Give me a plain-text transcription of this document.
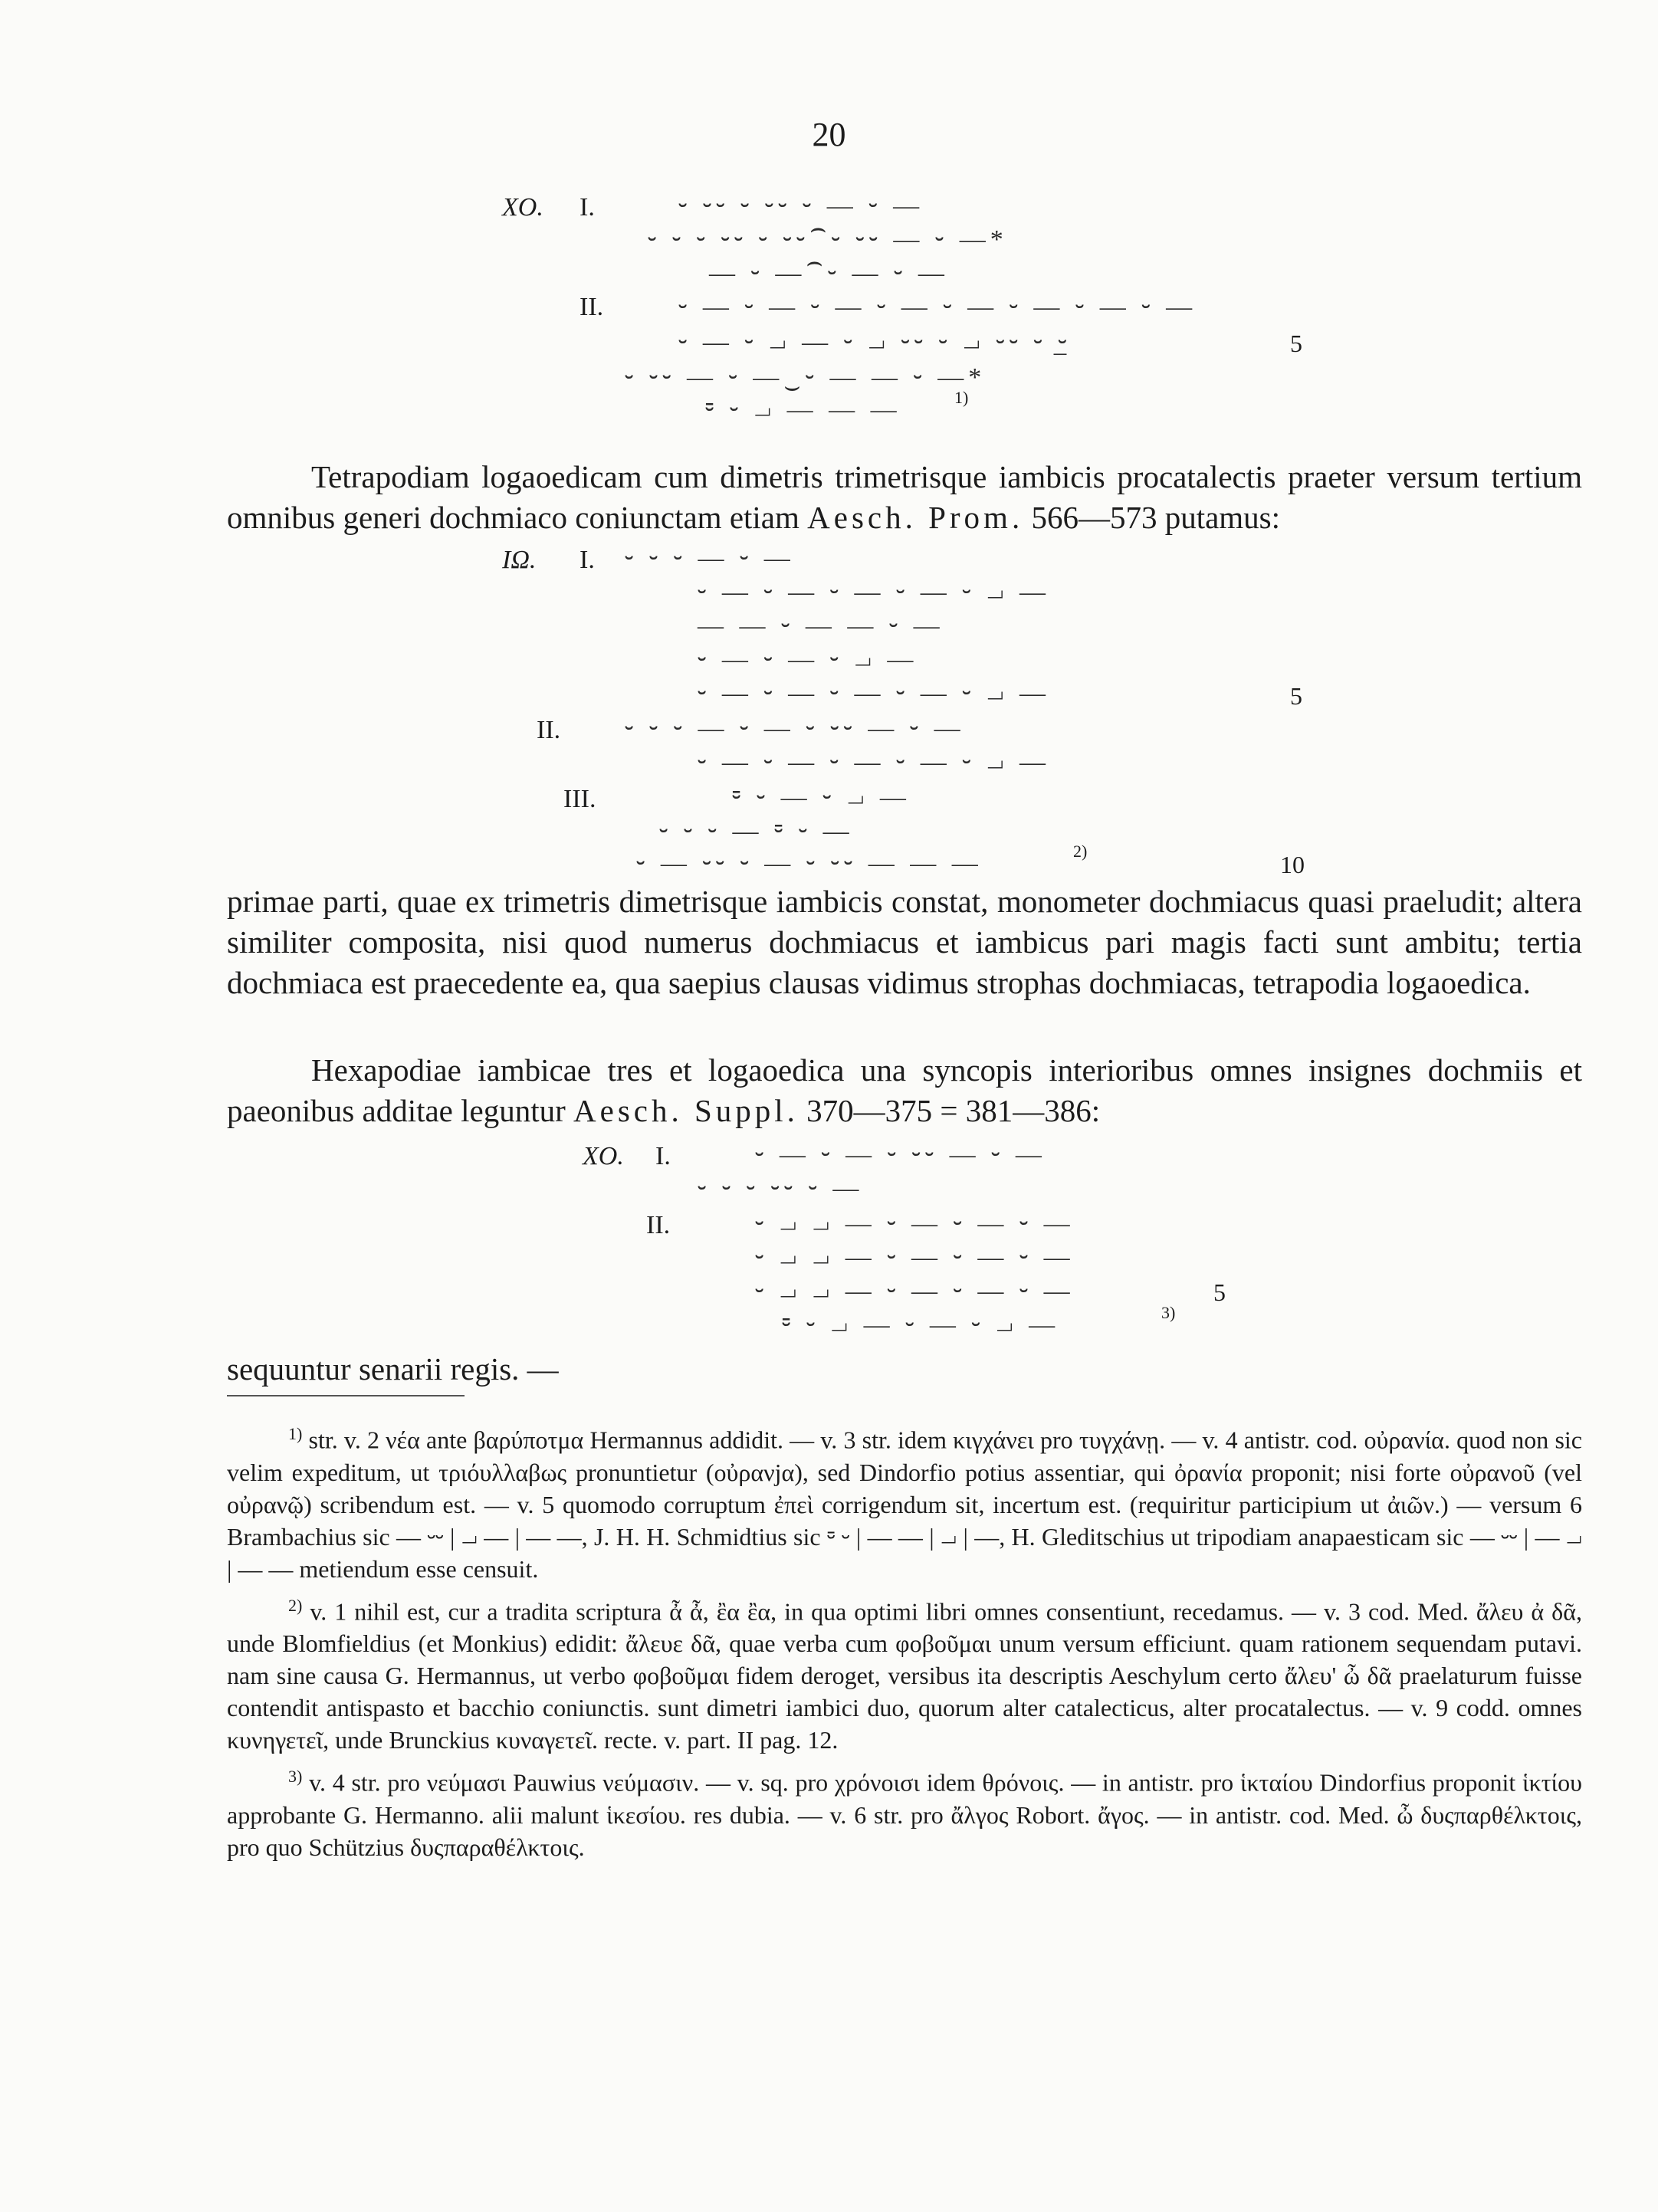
20
ΧΟ. I.	⏑ ⏑⏑ ⏑ ⏑⏑ ⏑ — ⏑ —
⏑ ⏑ ⏑ ⏑⏑ ⏑ ⏑⏑⁀⏑ ⏑⏑ — ⏑ —*
— ⏑ —⁀⏑ — ⏑ —
II.	⏑ — ⏑ — ⏑ — ⏑ — ⏑ — ⏑ — ⏑ — ⏑ —
⏑ — ⏑ ⏗ — ⏑ ⏗ ⏑⏑ ⏑ ⏗ ⏑⏑ ⏑ ⏑̲	5
⏑ ⏑⏑ — ⏑ —‿⏑ — — ⏑ —*
⏒ ⏑ ⏗ — — —	1)
Tetrapodiam logaoedicam cum dimetris trimetrisque iambicis procatalectis praeter versum tertium omnibus generi dochmiaco coniunctam etiam Aesch. Prom. 566—573 putamus:
ΙΩ. I. ⏑ ⏑ ⏑ — ⏑ —
⏑ — ⏑ — ⏑ — ⏑ — ⏑ ⏗ —
— — ⏑ — — ⏑ —
⏑ — ⏑ — ⏑ ⏗ —
⏑ — ⏑ — ⏑ — ⏑ — ⏑ ⏗ —	5
II. ⏑ ⏑ ⏑ — ⏑ — ⏑ ⏑⏑ — ⏑ —
⏑ — ⏑ — ⏑ — ⏑ — ⏑ ⏗ —
III.	⏒ ⏑ — ⏑ ⏗ —
⏑ ⏑ ⏑ — ⏒ ⏑ —
⏑ — ⏑⏑ ⏑ — ⏑ ⏑⏑ — — —	2)	10
primae parti, quae ex trimetris dimetrisque iambicis constat, monometer dochmiacus quasi praeludit; altera similiter composita, nisi quod numerus dochmiacus et iambicus pari magis facti sunt ambitu; tertia dochmiaca est praecedente ea, qua saepius clausas vidimus strophas dochmiacas, tetrapodia logaoedica.
Hexapodiae iambicae tres et logaoedica una syncopis interioribus omnes insignes dochmiis et paeonibus additae leguntur Aesch. Suppl. 370—375 = 381—386:
ΧΟ. I.	⏑ — ⏑ — ⏑ ⏑⏑ — ⏑ —
⏑ ⏑ ⏑ ⏑⏑ ⏑ —
II.	⏑ ⏗ ⏗ — ⏑ — ⏑ — ⏑ —
⏑ ⏗ ⏗ — ⏑ — ⏑ — ⏑ —
⏑ ⏗ ⏗ — ⏑ — ⏑ — ⏑ —	5
⏒ ⏑ ⏗ — ⏑ — ⏑ ⏗ —	3)
sequuntur senarii regis. —

$^{1)}$ str. v. 2 νέα ante βαρύποτμα Hermannus addidit. — v. 3 str. idem κιγχάνει pro τυγχάνῃ. — v. 4 antistr. cod. οὐρανία. quod non sic velim expeditum, ut τριόυλλαβως pronuntietur (οὐρανjα), sed Dindorfio potius assentiar, qui ὀρανία proponit; nisi forte οὐρανοῦ (vel οὐρανῷ) scribendum est. — v. 5 quomodo corruptum ἐπεὶ corrigendum sit, incertum est. (requiritur participium ut ἀιῶν.) — versum 6 Brambachius sic — ⏑⏑ | ⏗ — | — —, J. H. H. Schmidtius sic ⏒ ⏑ | — — | ⏗ | —, H. Gleditschius ut tripodiam anapaesticam sic — ⏑⏑ | — ⏗ | — — metiendum esse censuit.

$^{2)}$ v. 1 nihil est, cur a tradita scriptura ἆ ἆ, ἒα ἒα, in qua optimi libri omnes consentiunt, recedamus. — v. 3 cod. Med. ἄλευ ἀ δᾶ, unde Blomfieldius (et Monkius) edidit: ἄλευε δᾶ, quae verba cum φοβοῦμαι unum versum efficiunt. quam rationem sequendam putavi. nam sine causa G. Hermannus, ut verbo φοβοῦμαι fidem deroget, versibus ita descriptis Aeschylum certo ἄλευ' ὦ δᾶ praelaturum fuisse contendit antispasto et bacchio coniunctis. sunt dimetri iambici duo, quorum alter catalecticus, alter procatalectus. — v. 9 codd. omnes κυνηγετεῖ, unde Brunckius κυναγετεῖ. recte. v. part. II pag. 12.

$^{3)}$ v. 4 str. pro νεύμασι Pauwius νεύμασιν. — v. sq. pro χρόνοισι idem θρόνοις. — in antistr. pro ἱκταίου Dindorfius proponit ἱκτίου approbante G. Hermanno. alii malunt ἱκεσίου. res dubia. — v. 6 str. pro ἄλγος Robort. ἄγος. — in antistr. cod. Med. ὦ δυςπαρθέλκτοις, pro quo Schützius δυςπαραθέλκτοις.
